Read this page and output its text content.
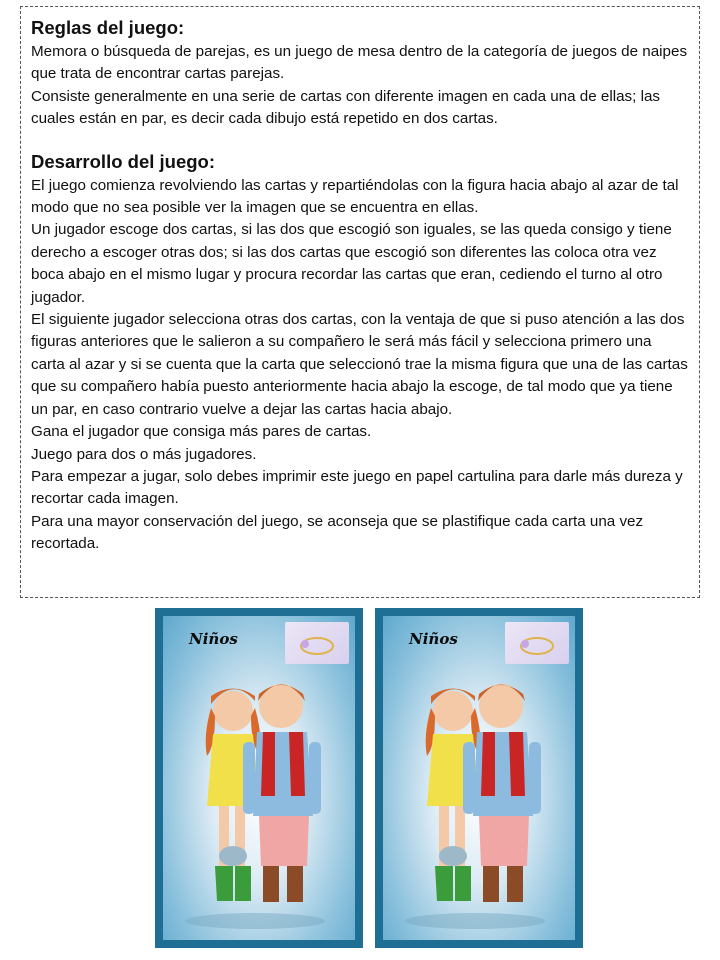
Reglas del juego:

Memora o búsqueda de parejas, es un juego de mesa dentro de la categoría de juegos de naipes que trata de encontrar cartas parejas.

Consiste generalmente en una serie de cartas con diferente imagen en cada una de ellas; las cuales están en par, es decir cada dibujo está repetido en dos cartas.

Desarrollo del juego:

El juego comienza revolviendo las cartas y repartiéndolas con la figura hacia abajo al azar de tal modo que no sea posible ver la imagen que se encuentra en ellas.

Un jugador escoge dos cartas, si las dos que escogió son iguales, se las queda consigo y tiene derecho a escoger otras dos; si las dos cartas que escogió son diferentes las coloca otra vez boca abajo en el mismo lugar y procura recordar las cartas que eran, cediendo el turno al otro jugador.

El siguiente jugador selecciona otras dos cartas, con la ventaja de que si puso atención a las dos figuras anteriores que le salieron a su compañero le será más fácil y selecciona primero una carta al azar y si se cuenta que la carta que seleccionó trae la misma figura que una de las cartas que su compañero había puesto anteriormente hacia abajo la escoge, de tal modo que ya tiene un par, en caso contrario vuelve a dejar las cartas hacia abajo.

Gana el jugador que consiga más pares de cartas.

Juego para dos o más jugadores.

Para empezar a jugar, solo debes imprimir este juego en papel cartulina para darle más dureza y recortar cada imagen.

Para una mayor conservación del juego, se aconseja que se plastifique cada carta una vez recortada.

Niños	Niños
